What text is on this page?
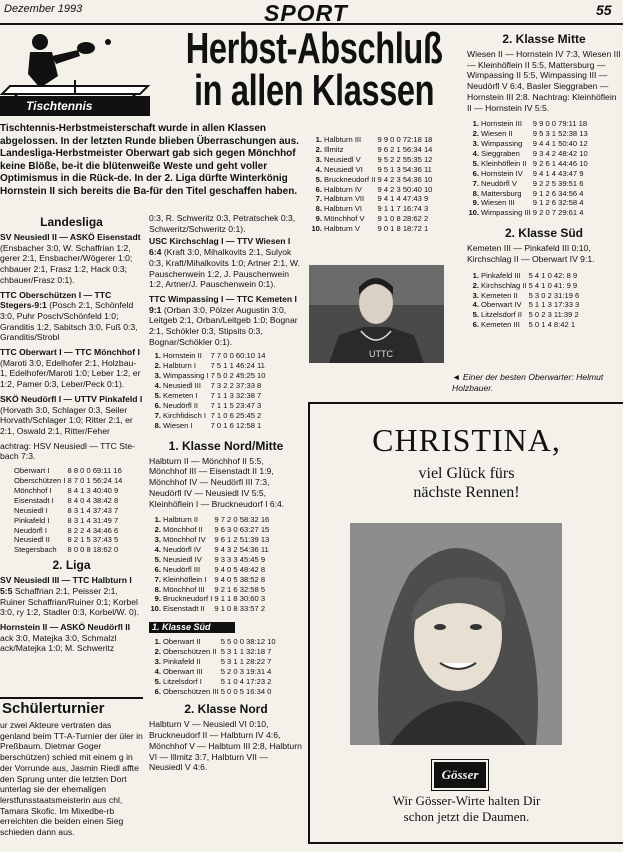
Dezember 1993	SPORT	55
Tischtennis
Herbst-Abschluß
in allen Klassen
Tischtennis-Herbstmeisterschaft wurde in allen Klassen abgelossen. In der letzten Runde blieben Überraschungen aus. Landesliga-Herbstmeister Oberwart gab sich gegen Mönchhof keine Blöße, be-it die blütenweiße Weste und geht voller Optimismus in die Rück-de. In der 2. Liga dürfte Winterkönig Hornstein II sich bereits die Ba-für den Titel geschaffen haben.
Landesliga

SV Neusiedl II — ASKÖ Eisenstadt (Ensbacher 3:0, W. Schaffrian 1:2, gerer 2:1, Ensbacher/Wögerer 1:0; chbauer 2:1, Frasz 1:2, Hack 0:3; chbauer/Frasz 0:1).

TTC Oberschützen I — TTC Stegers-9:1 (Posch 2:1, Schönfeld 3:0, Puhr Posch/Schönfeld 1:0; Granditis 1:2, Sabitsch 3:0, Fuß 0:3, Granditis/Strobl

TTC Oberwart I — TTC Mönchhof I (Maroti 3:0, Edelhofer 2:1, Holzbau-1, Edelhofer/Maroti 1:0; Leber 1:2, er 1:2, Pamer 0:3, Leber/Peck 0:1).

SKÖ Neudörfl I — UTTV Pinkafeld I (Horvath 3:0, Schlager 0:3, Seiler Horvath/Schlager 1:0; Ritter 2:1, er 2:1, Oswald 2:1, Ritter/Feher

achtrag: HSV Neusiedl — TTC Ste-bach 7:3.

	Oberwart I	8 8 0 0 69:11 16
	Oberschützen I	8 7 0 1 56:24 14
	Mönchhof I	8 4 1 3 40:40 9
	Eisenstadt I	8 4 0 4 38:42 8
	Neusiedl I	8 3 1 4 37:43 7
	Pinkafeld I	8 3 1 4 31:49 7
	Neudörfl I	8 2 2 4 34:46 6
	Neusiedl II	8 2 1 5 37:43 5
	Stegersbach	8 0 0 8 18:62 0
2. Liga

SV Neusiedl III — TTC Halbturn I 5:5 Schaffrian 2:1, Peisser 2:1, Ruiner Schaffrian/Ruiner 0:1; Korbel 3:0, ry 1:2, Stadler 0:3, Korbel/W. 0).

Hornstein II — ASKÖ Neudörfl II ack 3:0, Matejka 3:0, Schmalzl ack/Matejka 1:0; M. Schweritz

Schülerturnier
ur zwei Akteure vertraten das genland beim TT-A-Turnier der üler in Preßbaum. Dietmar Goger berschützen) schied mit einem g in der Vorrunde aus, Jasmin Riedl affte den Sprung unter die letzten Dort unterlag sie der ehemaligen lerstfunsstaatsmeisterin aus chl, Tamara Skofic. Im Mixedbe-rb erreichten die beiden einen Sieg schieden dann aus.

0:3, R. Schweritz 0:3, Petratschek 0:3, Schweritz/Schweritz 0:1).

USC Kirchschlag I — TTV Wiesen I 6:4 (Kraft 3:0, Mihalkovits 2:1, Sulyok 0:3, Kraft/Mihalkovits 1:0; Artner 2:1, W. Pauschenwein 1:2, J. Pauschenwein 1:2, Artner/J. Pauschenwein 0:1).

TTC Wimpassing I — TTC Kemeten I 9:1 (Orban 3:0, Pölzer Augustin 3:0, Leitgeb 2:1, Orban/Leitgeb 1:0; Bognar 2:1, Schökler 0:3, Stipsits 0:3, Bognar/Schökler 0:1).

1.	Hornstein II	7 7 0 0 60:10 14
2.	Halbturn I	7 5 1 1 46:24 11
3.	Wimpassing I	7 5 0 2 45:25 10
4.	Neusiedl III	7 3 2 2 37:33 8
5.	Kemeten I	7 1 1 3 32:38 7
6.	Neudörfl II	7 1 1 5 23:47 3
7.	Kirchfidisch I	7 1 0 6 25:45 2
8.	Wiesen I	7 0 1 6 12:58 1
1. Klasse Nord/Mitte

Halbturn II — Mönchhof II 5:5, Mönchhof III — Eisenstadt II 1:9, Mönchhof IV — Neudörfl III 7:3, Neudörfl IV — Neusiedl IV 5:5, Kleinhöflein I — Bruckneudorf I 6:4.

1.	Halbturn II	9 7 2 0 58:32 16
2.	Mönchhof II	9 6 3 0 63:27 15
3.	Mönchhof IV	9 6 1 2 51:39 13
4.	Neudörfl IV	9 4 3 2 54:36 11
5.	Neusiedl IV	9 3 3 3 45:45 9
6.	Neudörfl III	9 4 0 5 48:42 8
7.	Kleinhöflein I	9 4 0 5 38:52 8
8.	Mönchhof III	9 2 1 6 32:58 5
9.	Bruckneudorf I	9 1 1 8 30:60 3
10.	Eisenstadt II	9 1 0 8 33:57 2
1. Klasse Süd
1.	Oberwart II	5 5 0 0 38:12 10
2.	Oberschützen II	5 3 1 1 32:18 7
3.	Pinkafeld II	5 3 1 1 28:22 7
4.	Oberwart III	5 2 0 3 19:31 4
5.	Litzelsdorf I	5 1 0 4 17:23 2
6.	Oberschützen III	5 0 0 5 16:34 0
2. Klasse Nord

Halbturn V — Neusiedl VI 0:10, Bruckneudorf II — Halbturn IV 4:6, Mönchhof V — Halbturn III 2:8, Halbturn VI — Illmitz 3:7, Halbturn VII — Neusiedl V 4:6.

1.	Halbturn III	9 9 0 0 72:18 18
2.	Illmitz	9 6 2 1 56:34 14
3.	Neusiedl V	9 5 2 2 55:35 12
4.	Neusiedl VI	9 5 1 3 54:36 11
5.	Bruckneudorf II	9 4 2 3 54:36 10
6.	Halbturn IV	9 4 2 3 50:40 10
7.	Halbturn VII	9 4 1 4 47:43 9
8.	Halbturn VI	9 1 1 7 16:74 3
9.	Mönchhof V	9 1 0 8 28:62 2
10.	Halbturn V	9 0 1 8 18:72 1
UTTC
◄ Einer der besten Oberwarter: Helmut Holzbauer.
2. Klasse Mitte

Wiesen II — Hornstein IV 7:3, Wiesen III — Kleinhöflein II 5:5, Mattersburg — Wimpassing II 5:5, Wimpassing III — Neudörfl V 6:4, Basler Sieggraben — Hornstein III 2:8. Nachtrag: Kleinhöflein II — Hornstein IV 5:5.

1.	Hornstein III	9 9 0 0 79:11 18
2.	Wiesen II	9 5 3 1 52:38 13
3.	Wimpassing	9 4 4 1 50:40 12
4.	Sieggraben	9 3 4 2 48:42 10
5.	Kleinhöflein II	9 2 6 1 44:46 10
6.	Hornstein IV	9 4 1 4 43:47 9
7.	Neudörfl V	9 2 2 5 39:51 6
8.	Mattersburg	9 1 2 6 34:56 4
9.	Wiesen III	9 1 2 6 32:58 4
10.	Wimpassing III	9 2 0 7 29:61 4
2. Klasse Süd

Kemeten III — Pinkafeld III 0:10, Kirchschlag II — Oberwart IV 9:1.

1.	Pinkafeld III	5 4 1 0 42: 8 9
2.	Kirchschlag II	5 4 1 0 41: 9 9
3.	Kemeten II	5 3 0 2 31:19 6
4.	Oberwart IV	5 1 1 3 17:33 3
5.	Litzelsdorf II	5 0 2 3 11:39 2
6.	Kemeten III	5 0 1 4 8:42 1
CHRISTINA,
viel Glück fürs
nächste Rennen!
Gösser
Wir Gösser-Wirte halten Dir
schon jetzt die Daumen.
